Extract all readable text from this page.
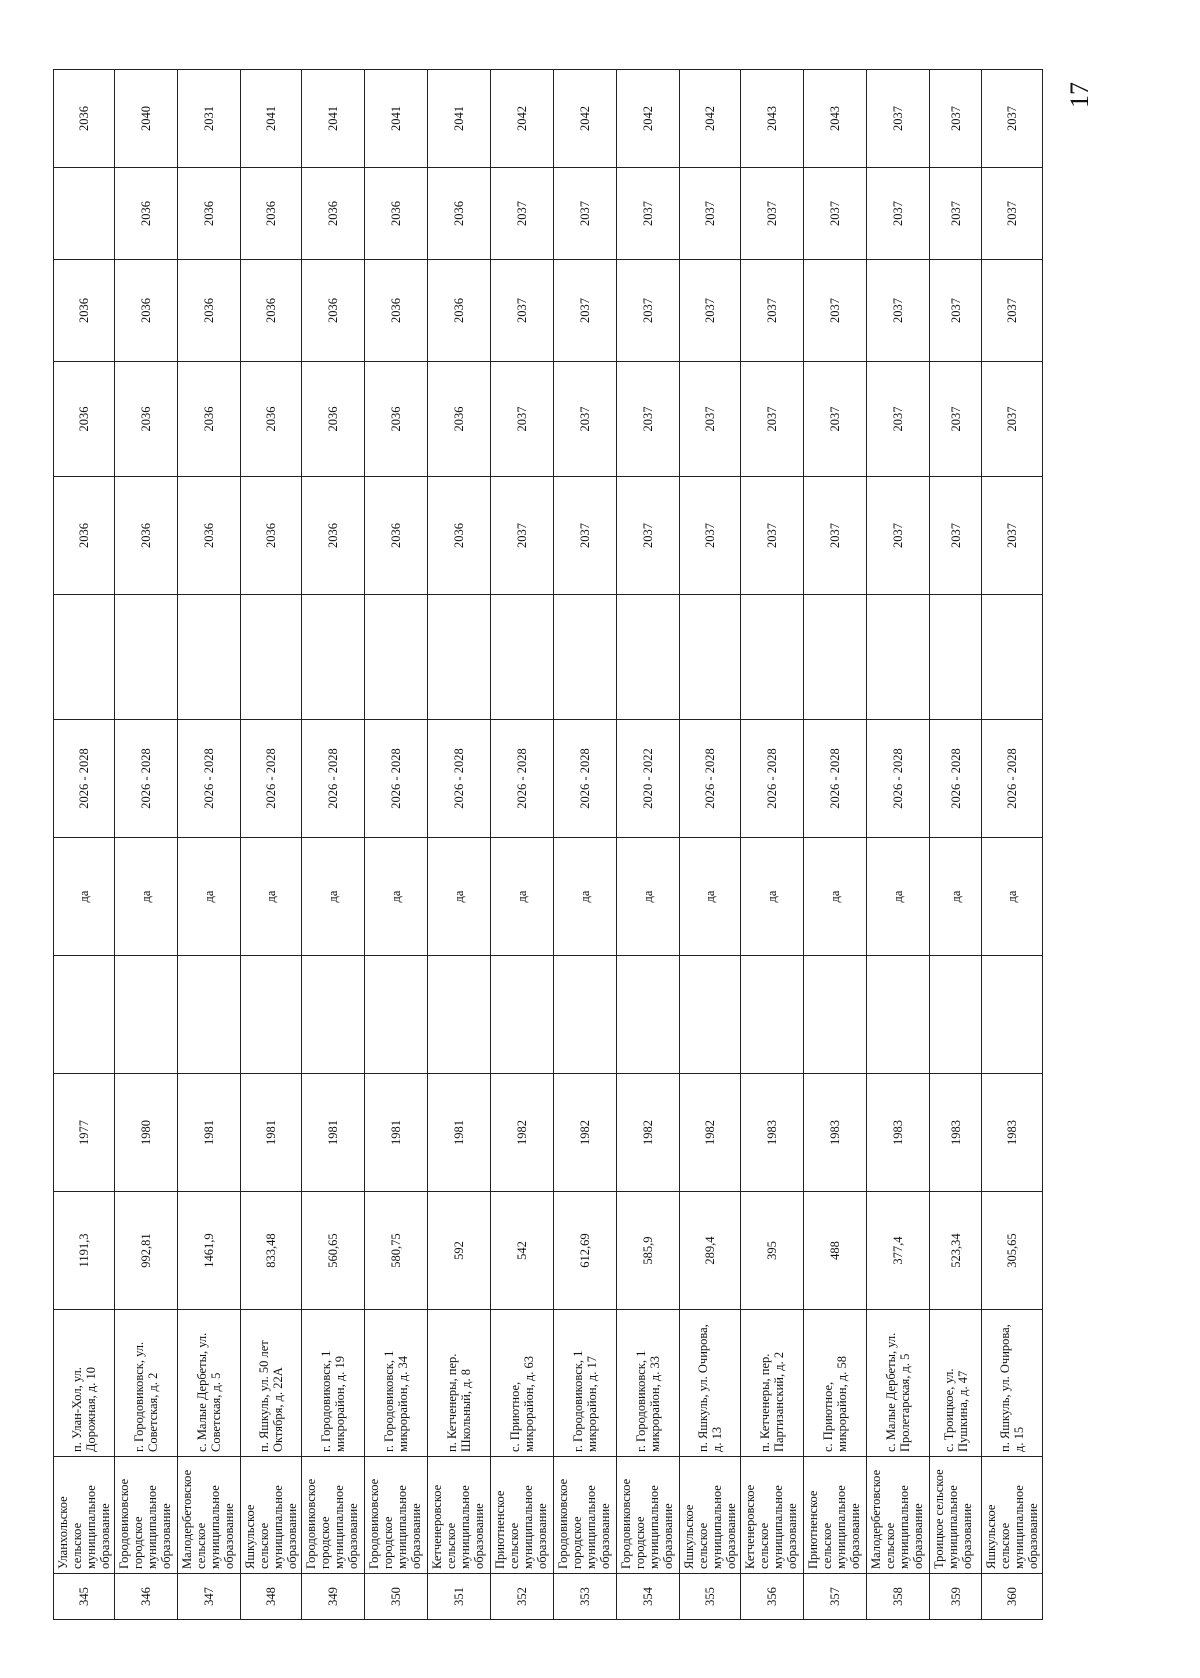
17
345	Уланхольское сельское муниципальное образование	п. Улан-Хол, ул. Дорожная, д. 10	1191,3	1977		да	2026 - 2028		2036	2036	2036		2036
346	Городовиковское городское муниципальное образование	г. Городовиковск, ул. Советская, д. 2	992,81	1980		да	2026 - 2028		2036	2036	2036	2036	2040
347	Малодербетовское сельское муниципальное образование	с. Малые Дербеты, ул. Советская, д. 5	1461,9	1981		да	2026 - 2028		2036	2036	2036	2036	2031
348	Яшкульское сельское муниципальное образование	п. Яшкуль, ул. 50 лет Октября, д. 22А	833,48	1981		да	2026 - 2028		2036	2036	2036	2036	2041
349	Городовиковское городское муниципальное образование	г. Городовиковск, 1 микрорайон, д. 19	560,65	1981		да	2026 - 2028		2036	2036	2036	2036	2041
350	Городовиковское городское муниципальное образование	г. Городовиковск, 1 микрорайон, д. 34	580,75	1981		да	2026 - 2028		2036	2036	2036	2036	2041
351	Кетченеровское сельское муниципальное образование	п. Кетченеры, пер. Школьный, д. 8	592	1981		да	2026 - 2028		2036	2036	2036	2036	2041
352	Приютненское сельское муниципальное образование	с. Приютное, микрорайон, д. 63	542	1982		да	2026 - 2028		2037	2037	2037	2037	2042
353	Городовиковское городское муниципальное образование	г. Городовиковск, 1 микрорайон, д. 17	612,69	1982		да	2026 - 2028		2037	2037	2037	2037	2042
354	Городовиковское городское муниципальное образование	г. Городовиковск, 1 микрорайон, д. 33	585,9	1982		да	2020 - 2022		2037	2037	2037	2037	2042
355	Яшкульское сельское муниципальное образование	п. Яшкуль, ул. Очирова, д. 13	289,4	1982		да	2026 - 2028		2037	2037	2037	2037	2042
356	Кетченеровское сельское муниципальное образование	п. Кетченеры, пер. Партизанский, д. 2	395	1983		да	2026 - 2028		2037	2037	2037	2037	2043
357	Приютненское сельское муниципальное образование	с. Приютное, микрорайон, д. 58	488	1983		да	2026 - 2028		2037	2037	2037	2037	2043
358	Малодербетовское сельское муниципальное образование	с. Малые Дербеты, ул. Пролетарская, д. 5	377,4	1983		да	2026 - 2028		2037	2037	2037	2037	2037
359	Троицкое сельское муниципальное образование	с. Троицкое, ул. Пушкина, д. 47	523,34	1983		да	2026 - 2028		2037	2037	2037	2037	2037
360	Яшкульское сельское муниципальное образование	п. Яшкуль, ул. Очирова, д. 15	305,65	1983		да	2026 - 2028		2037	2037	2037	2037	2037
